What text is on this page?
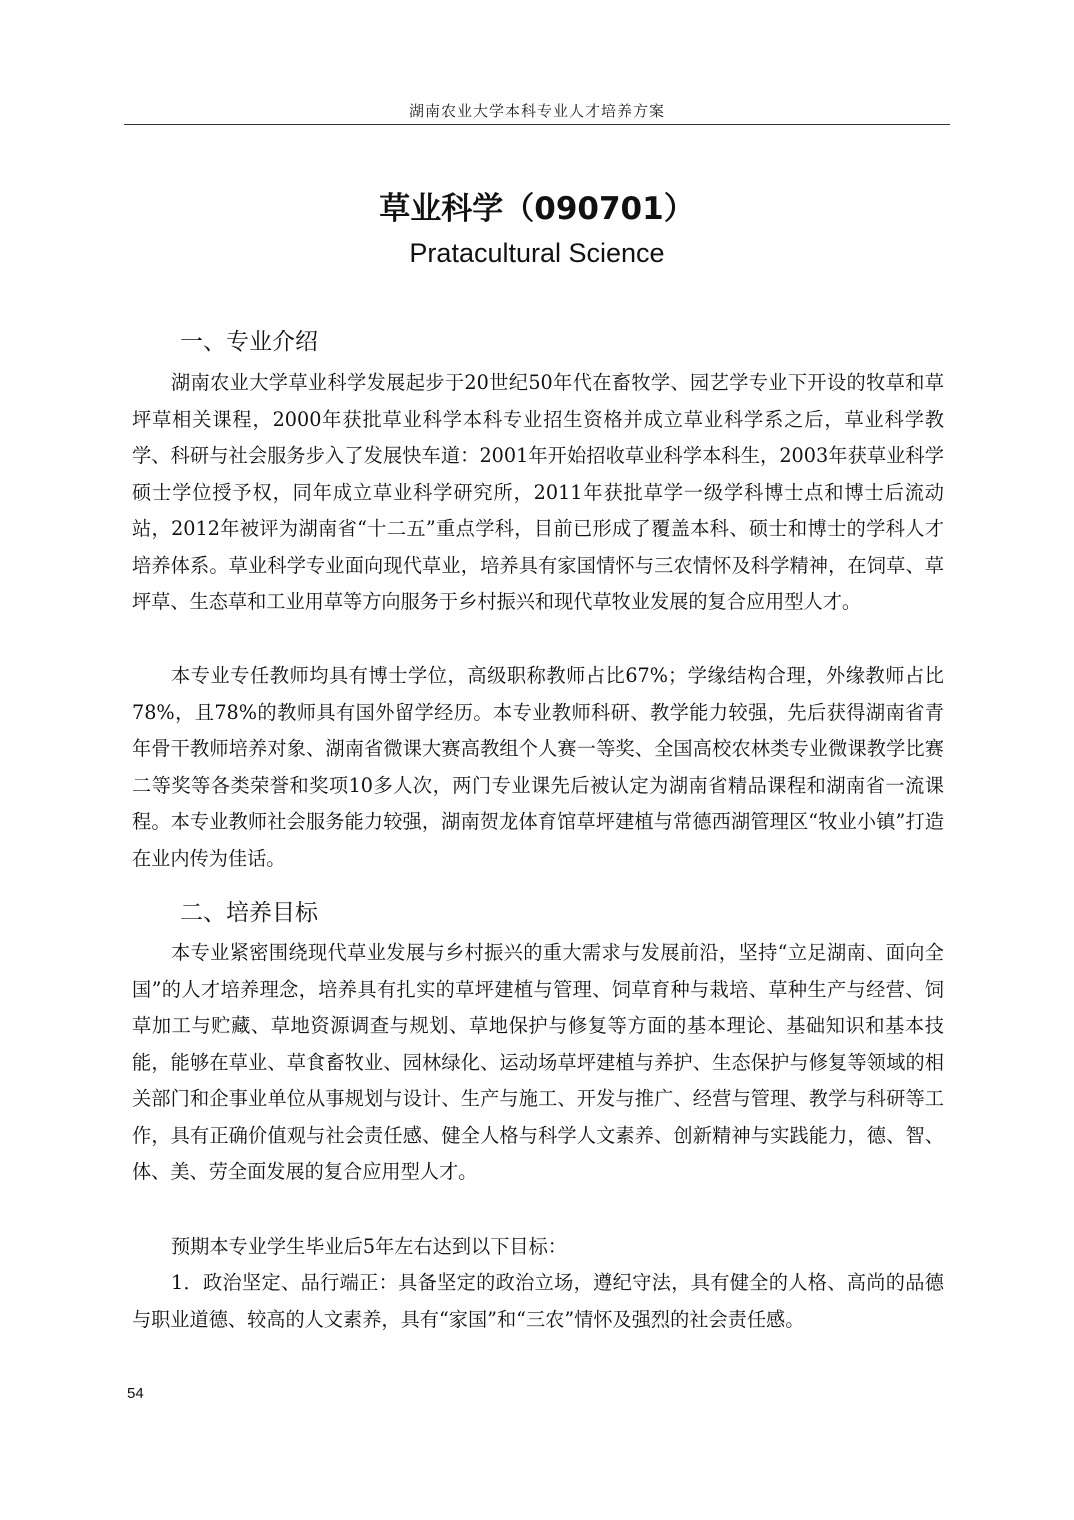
湖南农业大学本科专业人才培养方案
草业科学（090701）
Pratacultural Science
一、专业介绍

湖南农业大学草业科学发展起步于20世纪50年代在畜牧学、园艺学专业下开设的牧草和草坪草相关课程，2000年获批草业科学本科专业招生资格并成立草业科学系之后，草业科学教学、科研与社会服务步入了发展快车道：2001年开始招收草业科学本科生，2003年获草业科学硕士学位授予权，同年成立草业科学研究所，2011年获批草学一级学科博士点和博士后流动站，2012年被评为湖南省“十二五”重点学科，目前已形成了覆盖本科、硕士和博士的学科人才培养体系。草业科学专业面向现代草业，培养具有家国情怀与三农情怀及科学精神，在饲草、草坪草、生态草和工业用草等方向服务于乡村振兴和现代草牧业发展的复合应用型人才。

本专业专任教师均具有博士学位，高级职称教师占比67%；学缘结构合理，外缘教师占比78%，且78%的教师具有国外留学经历。本专业教师科研、教学能力较强，先后获得湖南省青年骨干教师培养对象、湖南省微课大赛高教组个人赛一等奖、全国高校农林类专业微课教学比赛二等奖等各类荣誉和奖项10多人次，两门专业课先后被认定为湖南省精品课程和湖南省一流课程。本专业教师社会服务能力较强，湖南贺龙体育馆草坪建植与常德西湖管理区“牧业小镇”打造在业内传为佳话。

二、培养目标

本专业紧密围绕现代草业发展与乡村振兴的重大需求与发展前沿，坚持“立足湖南、面向全国”的人才培养理念，培养具有扎实的草坪建植与管理、饲草育种与栽培、草种生产与经营、饲草加工与贮藏、草地资源调查与规划、草地保护与修复等方面的基本理论、基础知识和基本技能，能够在草业、草食畜牧业、园林绿化、运动场草坪建植与养护、生态保护与修复等领域的相关部门和企事业单位从事规划与设计、生产与施工、开发与推广、经营与管理、教学与科研等工作，具有正确价值观与社会责任感、健全人格与科学人文素养、创新精神与实践能力，德、智、体、美、劳全面发展的复合应用型人才。

预期本专业学生毕业后5年左右达到以下目标：

1．政治坚定、品行端正：具备坚定的政治立场，遵纪守法，具有健全的人格、高尚的品德与职业道德、较高的人文素养，具有“家国”和“三农”情怀及强烈的社会责任感。

54
